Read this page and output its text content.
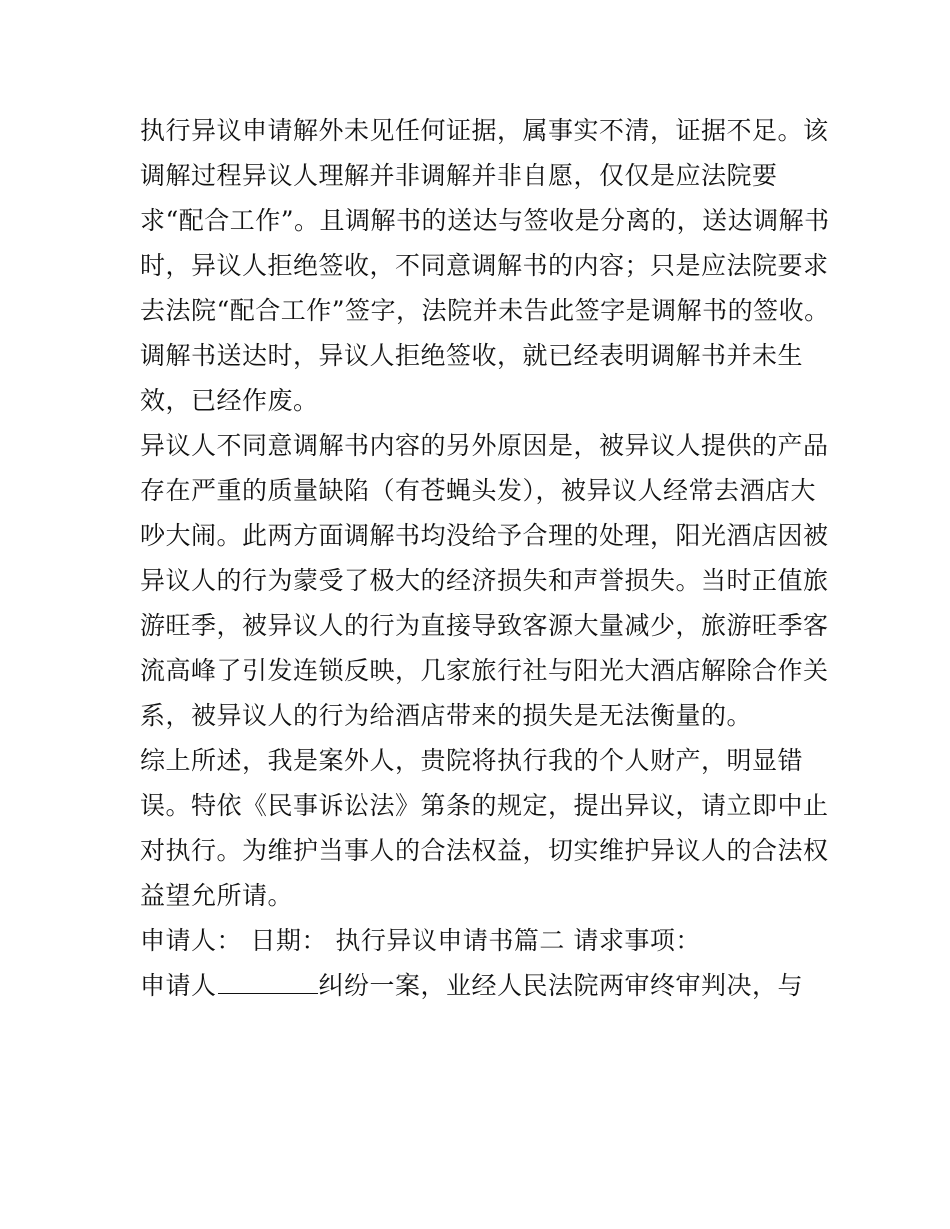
执行异议申请解外未见任何证据，属事实不清，证据不足。该
调解过程异议人理解并非调解并非自愿，仅仅是应法院要
求“配合工作”。且调解书的送达与签收是分离的，送达调解书
时，异议人拒绝签收，不同意调解书的内容；只是应法院要求
去法院“配合工作”签字，法院并未告此签字是调解书的签收。
调解书送达时，异议人拒绝签收，就已经表明调解书并未生
效，已经作废。
异议人不同意调解书内容的另外原因是，被异议人提供的产品
存在严重的质量缺陷（有苍蝇头发），被异议人经常去酒店大
吵大闹。此两方面调解书均没给予合理的处理，阳光酒店因被
异议人的行为蒙受了极大的经济损失和声誉损失。当时正值旅
游旺季，被异议人的行为直接导致客源大量减少，旅游旺季客
流高峰了引发连锁反映，几家旅行社与阳光大酒店解除合作关
系，被异议人的行为给酒店带来的损失是无法衡量的。
综上所述，我是案外人，贵院将执行我的个人财产，明显错
误。特依《民事诉讼法》第条的规定，提出异议，请立即中止
对执行。为维护当事人的合法权益，切实维护异议人的合法权
益望允所请。
申请人： 日期： 执行异议申请书篇二 请求事项：
申请人	纠纷一案，业经人民法院两审终审判决，与
